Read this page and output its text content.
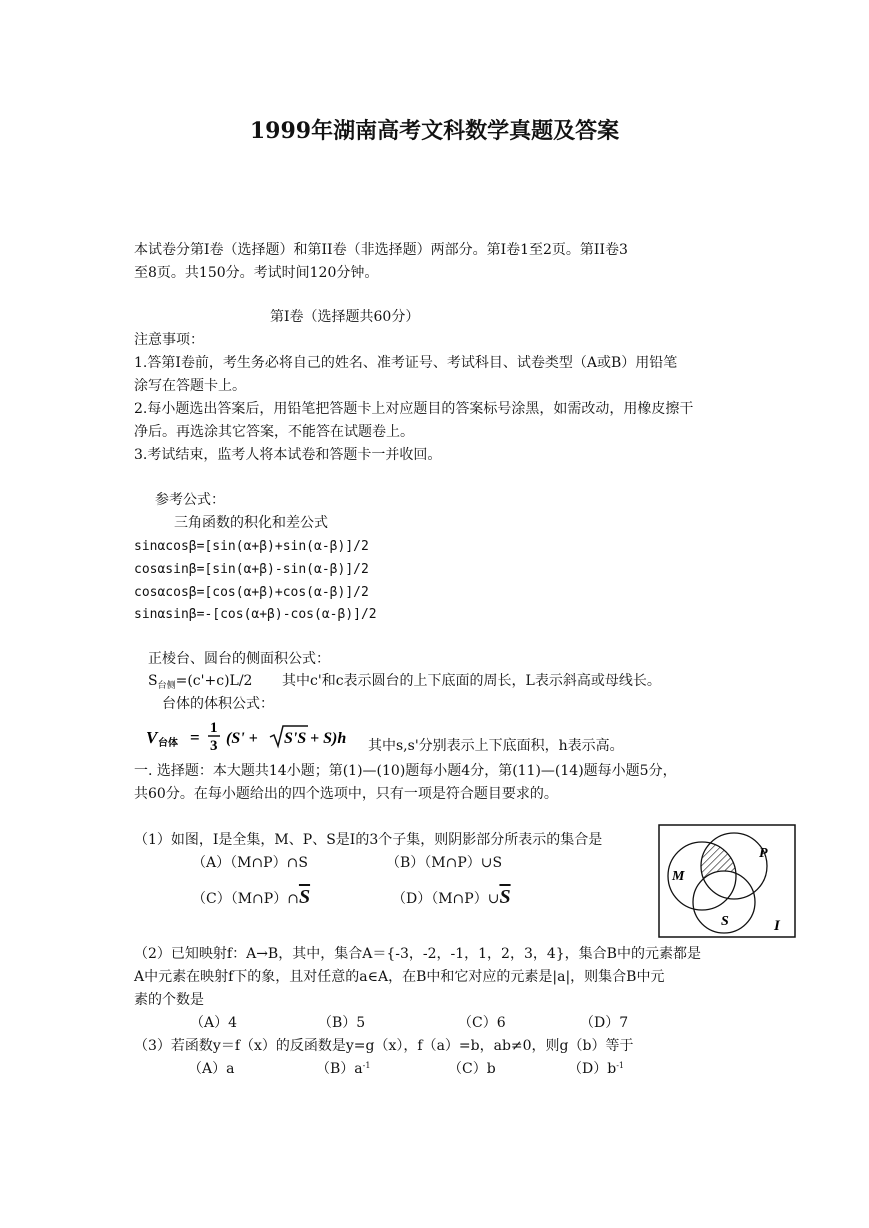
1999年湖南高考文科数学真题及答案
本试卷分第Ⅰ卷（选择题）和第II卷（非选择题）两部分。第Ⅰ卷1至2页。第II卷3
至8页。共150分。考试时间120分钟。
第Ⅰ卷（选择题共60分）
注意事项：
1.答第Ⅰ卷前，考生务必将自己的姓名、准考证号、考试科目、试卷类型（A或B）用铅笔
涂写在答题卡上。
2.每小题选出答案后，用铅笔把答题卡上对应题目的答案标号涂黑，如需改动，用橡皮擦干
净后。再选涂其它答案，不能答在试题卷上。
3.考试结束，监考人将本试卷和答题卡一并收回。
参考公式：
三角函数的积化和差公式
sinαcosβ=[sin(α+β)+sin(α-β)]/2
cosαsinβ=[sin(α+β)-sin(α-β)]/2
cosαcosβ=[cos(α+β)+cos(α-β)]/2
sinαsinβ=-[cos(α+β)-cos(α-β)]/2
正棱台、圆台的侧面积公式：
$S_{台侧}=(c'+c)L/2$ 其中c'和c表示圆台的上下底面的周长，L表示斜高或母线长。
台体的体积公式：
V 台体 = 1
3 (S' + S'S + S)h 其中s,s'分别表示上下底面积，h表示高。
一. 选择题：本大题共14小题；第(1)—(10)题每小题4分，第(11)—(14)题每小题5分，
共60分。在每小题给出的四个选项中，只有一项是符合题目要求的。
（1）如图，I是全集，M、P、S是I的3个子集，则阴影部分所表示的集合是
（A）（M∩P）∩S	（B）（M∩P）∪S
$(C)(M\cap P)\cap\overline{S}$	$(D)(M\cap P)\cup\overline{S}$
M
P
S	I
（2）已知映射f：A→B，其中，集合A＝{-3，-2，-1，1，2，3，4}，集合B中的元素都是
A中元素在映射f下的象，且对任意的a∈A，在B中和它对应的元素是|a|，则集合B中元
素的个数是
（A）4	（B）5	（C）6	（D）7
（3）若函数y＝f（x）的反函数是y=g（x），f（a）=b，ab≠0，则g（b）等于
（A）a	$(B)a^{-1}$	（C）b	$(D)b^{-1}$
